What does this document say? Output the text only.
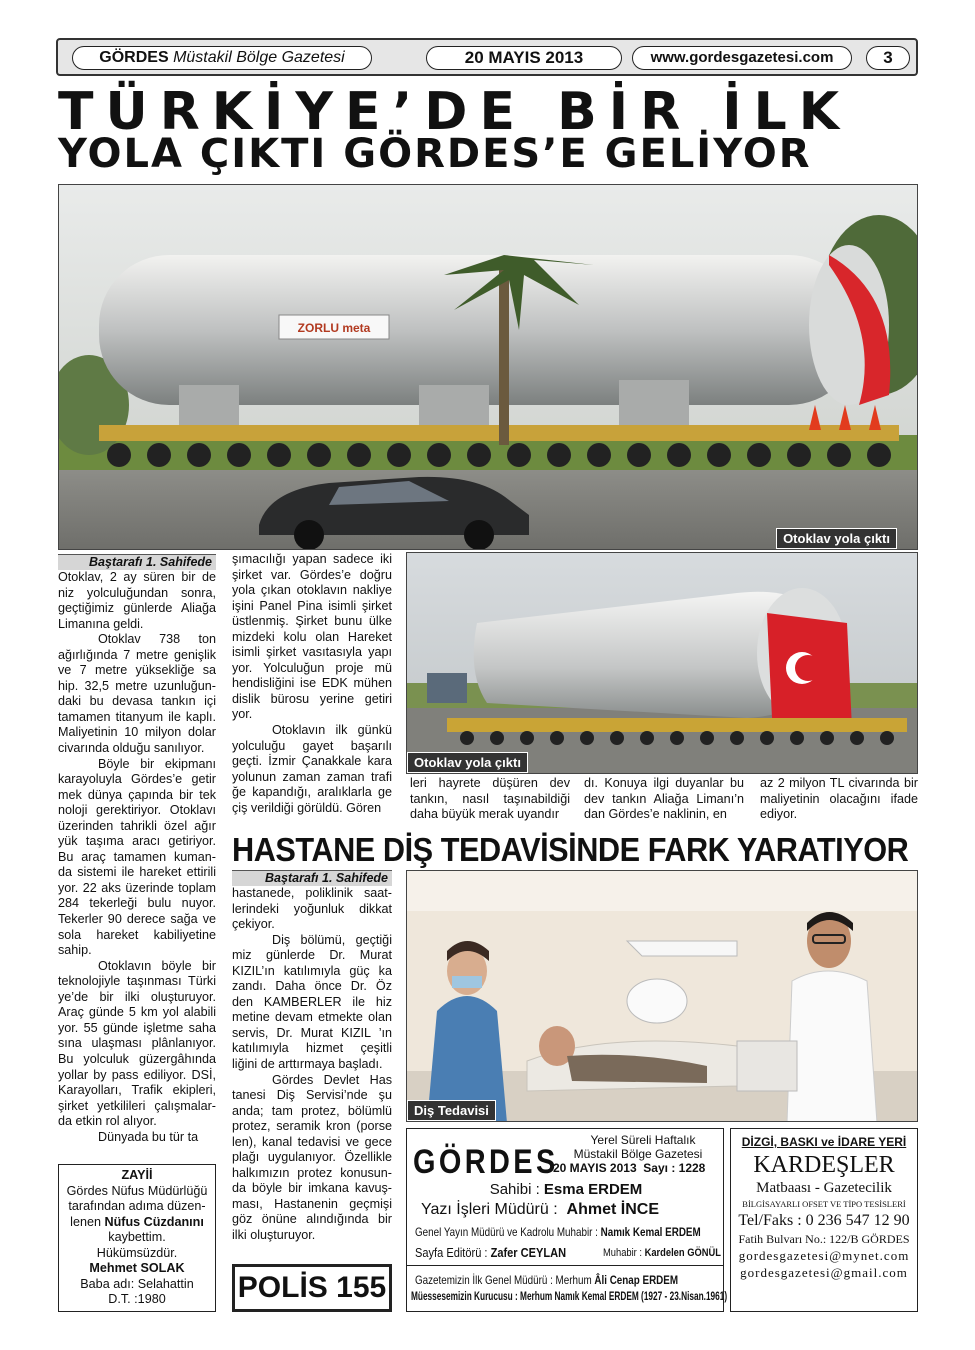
GÖRDES Müstakil Bölge Gazetesi	20 MAYIS 2013	www.gordesgazetesi.com	3
TÜRKİYE’DE BİR İLK
YOLA ÇIKTI GÖRDES’E GELİYOR
ZORLU meta
Otoklav yola çıktı
Baştarafı 1. Sahifede

Otoklav, 2 ay süren bir de niz yolculuğundan sonra, geçtiğimiz günlerde Aliağa Limanına geldi.

Otoklav 738 ton ağırlığında 7 metre genişlik ve 7 metre yüksekliğe sa hip. 32,5 metre uzunluğun-daki bu devasa tankın içi tamamen titanyum ile kaplı. Maliyetinin 10 milyon dolar civarında olduğu sanılıyor.

Böyle bir ekipmanı karayoluyla Gördes’e getir mek dünya çapında bir tek noloji gerektiriyor. Otoklavı üzerinden tahrikli özel ağır yük taşıma aracı getiriyor. Bu araç tamamen kuman-da sistemi ile hareket ettirili yor. 22 aks üzerinde toplam 284 tekerleği bulu nuyor. Tekerler 90 derece sağa ve sola hareket kabiliyetine sahip.

Otoklavın böyle bir teknolojiyle taşınması Türki ye’de bir ilki oluşturuyor. Araç günde 5 km yol alabili yor. 55 günde işletme saha sına ulaşması plânlanıyor. Bu yolculuk güzergâhında yollar by pass ediliyor. DSİ, Karayolları, Trafik ekipleri, şirket yetkilileri çalışmalar-da etkin rol alıyor.

Dünyada bu tür ta

ZAYİİ
Gördes Nüfus Müdürlüğü tarafından adıma düzen-
lenen Nüfus Cüzdanını
kaybettim.
Hükümsüzdür.
Mehmet SOLAK
Baba adı: Selahattin
D.T. :1980

şımacılığı yapan sadece iki şirket var. Gördes’e doğru yola çıkan otoklavın nakliye işini Panel Pina isimli şirket üstlenmiş. Şirket bunu ülke mizdeki kolu olan Hareket isimli şirket vasıtasıyla yapı yor. Yolculuğun proje mü hendisliğini ise EDK mühen dislik bürosu yerine getiri yor.

Otoklavın ilk günkü yolculuğu gayet başarılı geçti. İzmir Çanakkale kara yolunun zaman zaman trafi ğe kapandığı, aralıklarla ge çiş verildiği görüldü. Gören

Otoklav yola çıktı
leri hayrete düşüren dev tankın, nasıl taşınabildiği daha büyük merak uyandır
dı. Konuya ilgi duyanlar bu dev tankın Aliağa Limanı’n dan Gördes’e naklinin, en
az 2 milyon TL civarında bir maliyetinin olacağını ifade ediyor.
HASTANE DİŞ TEDAVİSİNDE FARK YARATIYOR
Baştarafı 1. Sahifede

hastanede, poliklinik saat-lerindeki yoğunluk dikkat çekiyor.

Diş bölümü, geçtiği miz günlerde Dr. Murat KIZIL’ın katılımıyla güç ka zandı. Daha önce Dr. Öz den KAMBERLER ile hiz metine devam etmekte olan servis, Dr. Murat KIZIL ’ın katılımıyla hizmet çeşitli liğini de arttırmaya başladı.

Gördes Devlet Has tanesi Diş Servisi’nde şu anda; tam protez, bölümlü protez, seramik kron (porse len), kanal tedavisi ve gece plağı uygulanıyor. Özellikle halkımızın protez konusun-da böyle bir imkana kavuş-ması, Hastanenin geçmişi göz önüne alındığında bir ilki oluşturuyor.

POLİS 155
Diş Tedavisi
GÖRDES
Yerel Süreli Haftalık
Müstakil Bölge Gazetesi
20 MAYIS 2013 Sayı : 1228
Sahibi : Esma ERDEM
Yazı İşleri Müdürü : Ahmet İNCE
Genel Yayın Müdürü ve Kadrolu Muhabir : Namık Kemal ERDEM
Sayfa Editörü : Zafer CEYLAN	Muhabir : Kardelen GÖNÜL
Gazetemizin İlk Genel Müdürü : Merhum Âli Cenap ERDEM
Müessesemizin Kurucusu : Merhum Namık Kemal ERDEM (1927 - 23.Nisan.1961)
DİZGİ, BASKI ve İDARE YERİ
KARDEŞLER
Matbaası - Gazetecilik
BİLGİSAYARLI OFSET VE TİPO TESİSLERİ
Tel/Faks : 0 236 547 12 90
Fatih Bulvarı No.: 122/B GÖRDES
gordesgazetesi@mynet.com
gordesgazetesi@gmail.com
